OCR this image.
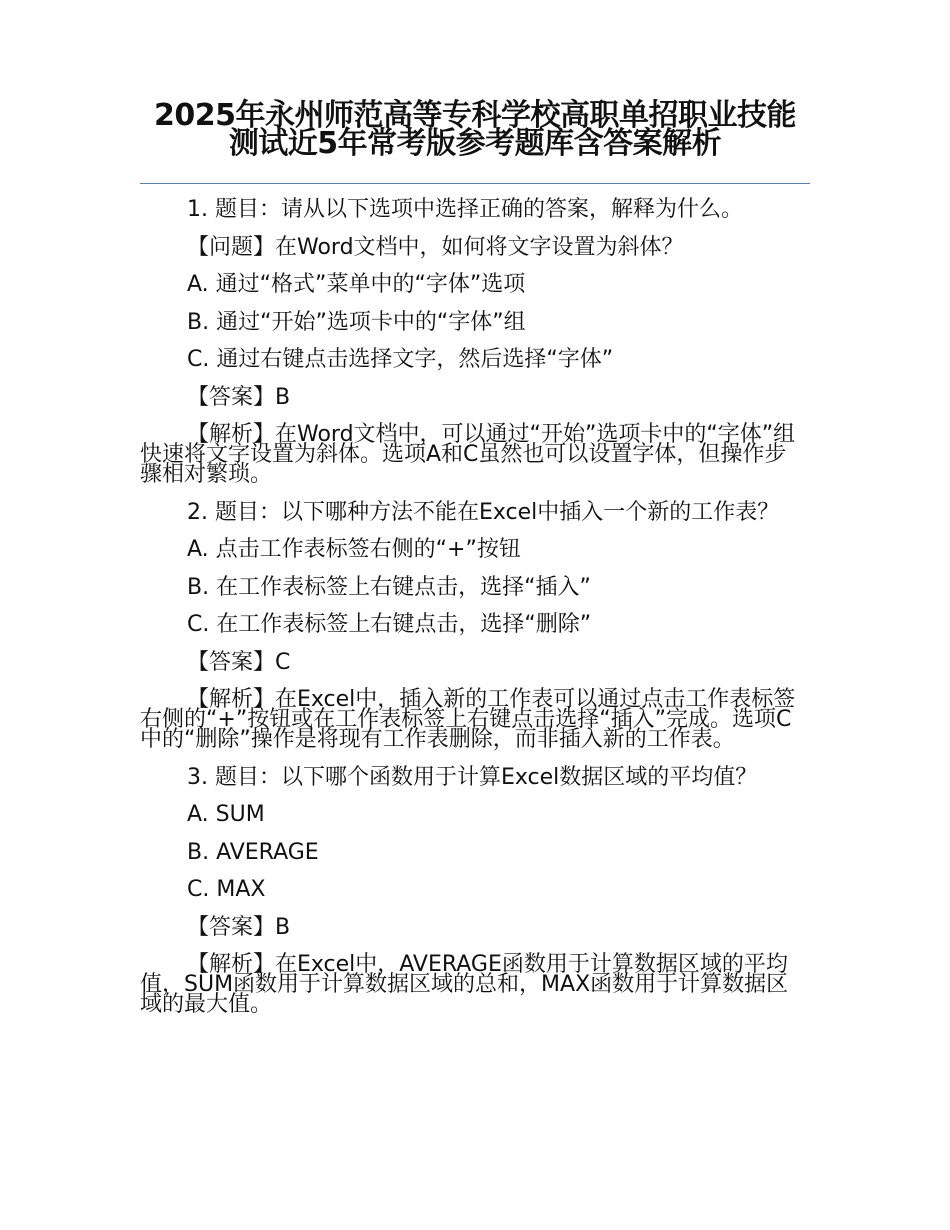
2025年永州师范高等专科学校高职单招职业技能测试近5年常考版参考题库含答案解析
1. 题目：请从以下选项中选择正确的答案，解释为什么。
【问题】在Word文档中，如何将文字设置为斜体？
A. 通过“格式”菜单中的“字体”选项
B. 通过“开始”选项卡中的“字体”组
C. 通过右键点击选择文字，然后选择“字体”
【答案】B
【解析】在Word文档中，可以通过“开始”选项卡中的“字体”组快速将文字设置为斜体。选项A和C虽然也可以设置字体，但操作步骤相对繁琐。
2. 题目：以下哪种方法不能在Excel中插入一个新的工作表？
A. 点击工作表标签右侧的“+”按钮
B. 在工作表标签上右键点击，选择“插入”
C. 在工作表标签上右键点击，选择“删除”
【答案】C
【解析】在Excel中，插入新的工作表可以通过点击工作表标签右侧的“+”按钮或在工作表标签上右键点击选择“插入”完成。选项C中的“删除”操作是将现有工作表删除，而非插入新的工作表。
3. 题目：以下哪个函数用于计算Excel数据区域的平均值？
A. SUM
B. AVERAGE
C. MAX
【答案】B
【解析】在Excel中，AVERAGE函数用于计算数据区域的平均值，SUM函数用于计算数据区域的总和，MAX函数用于计算数据区域的最大值。
